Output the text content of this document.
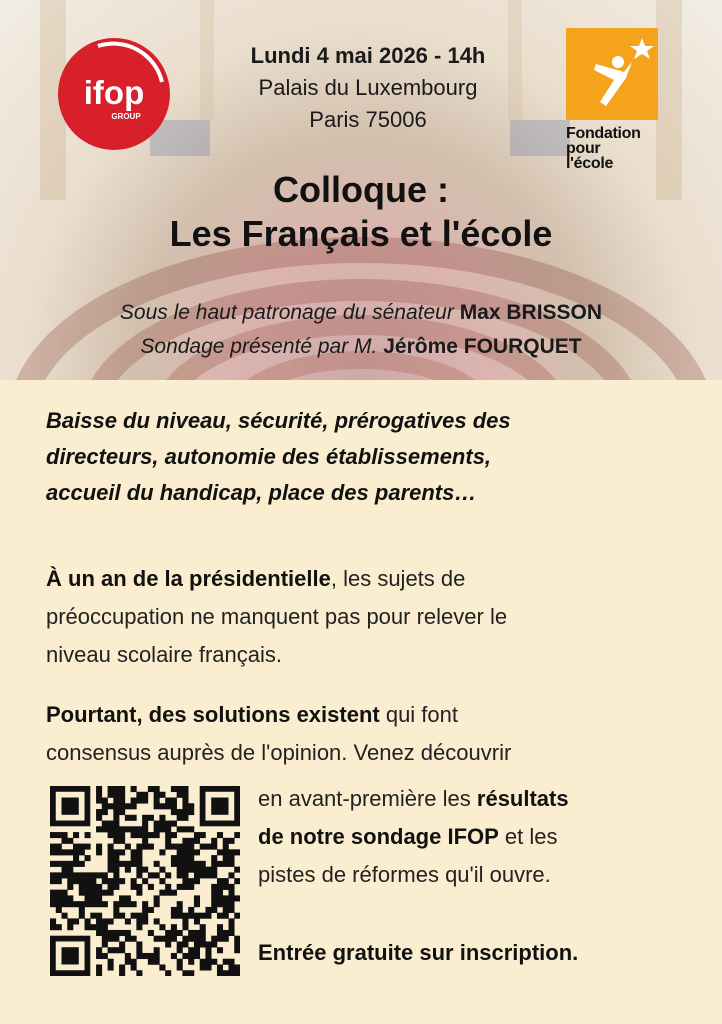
ifop
GROUP
Fondation
pour
l'école
Lundi 4 mai 2026 - 14h
Palais du Luxembourg
Paris 75006
Colloque :
Les Français et l'école
Sous le haut patronage du sénateur Max BRISSON
Sondage présenté par M. Jérôme FOURQUET
Baisse du niveau, sécurité, prérogatives des
directeurs, autonomie des établissements,
accueil du handicap, place des parents…
À un an de la présidentielle, les sujets de
préoccupation ne manquent pas pour relever le
niveau scolaire français.
Pourtant, des solutions existent qui font
consensus auprès de l'opinion. Venez découvrir
en avant-première les résultats
de notre sondage IFOP et les
pistes de réformes qu'il ouvre.
Entrée gratuite sur inscription.
